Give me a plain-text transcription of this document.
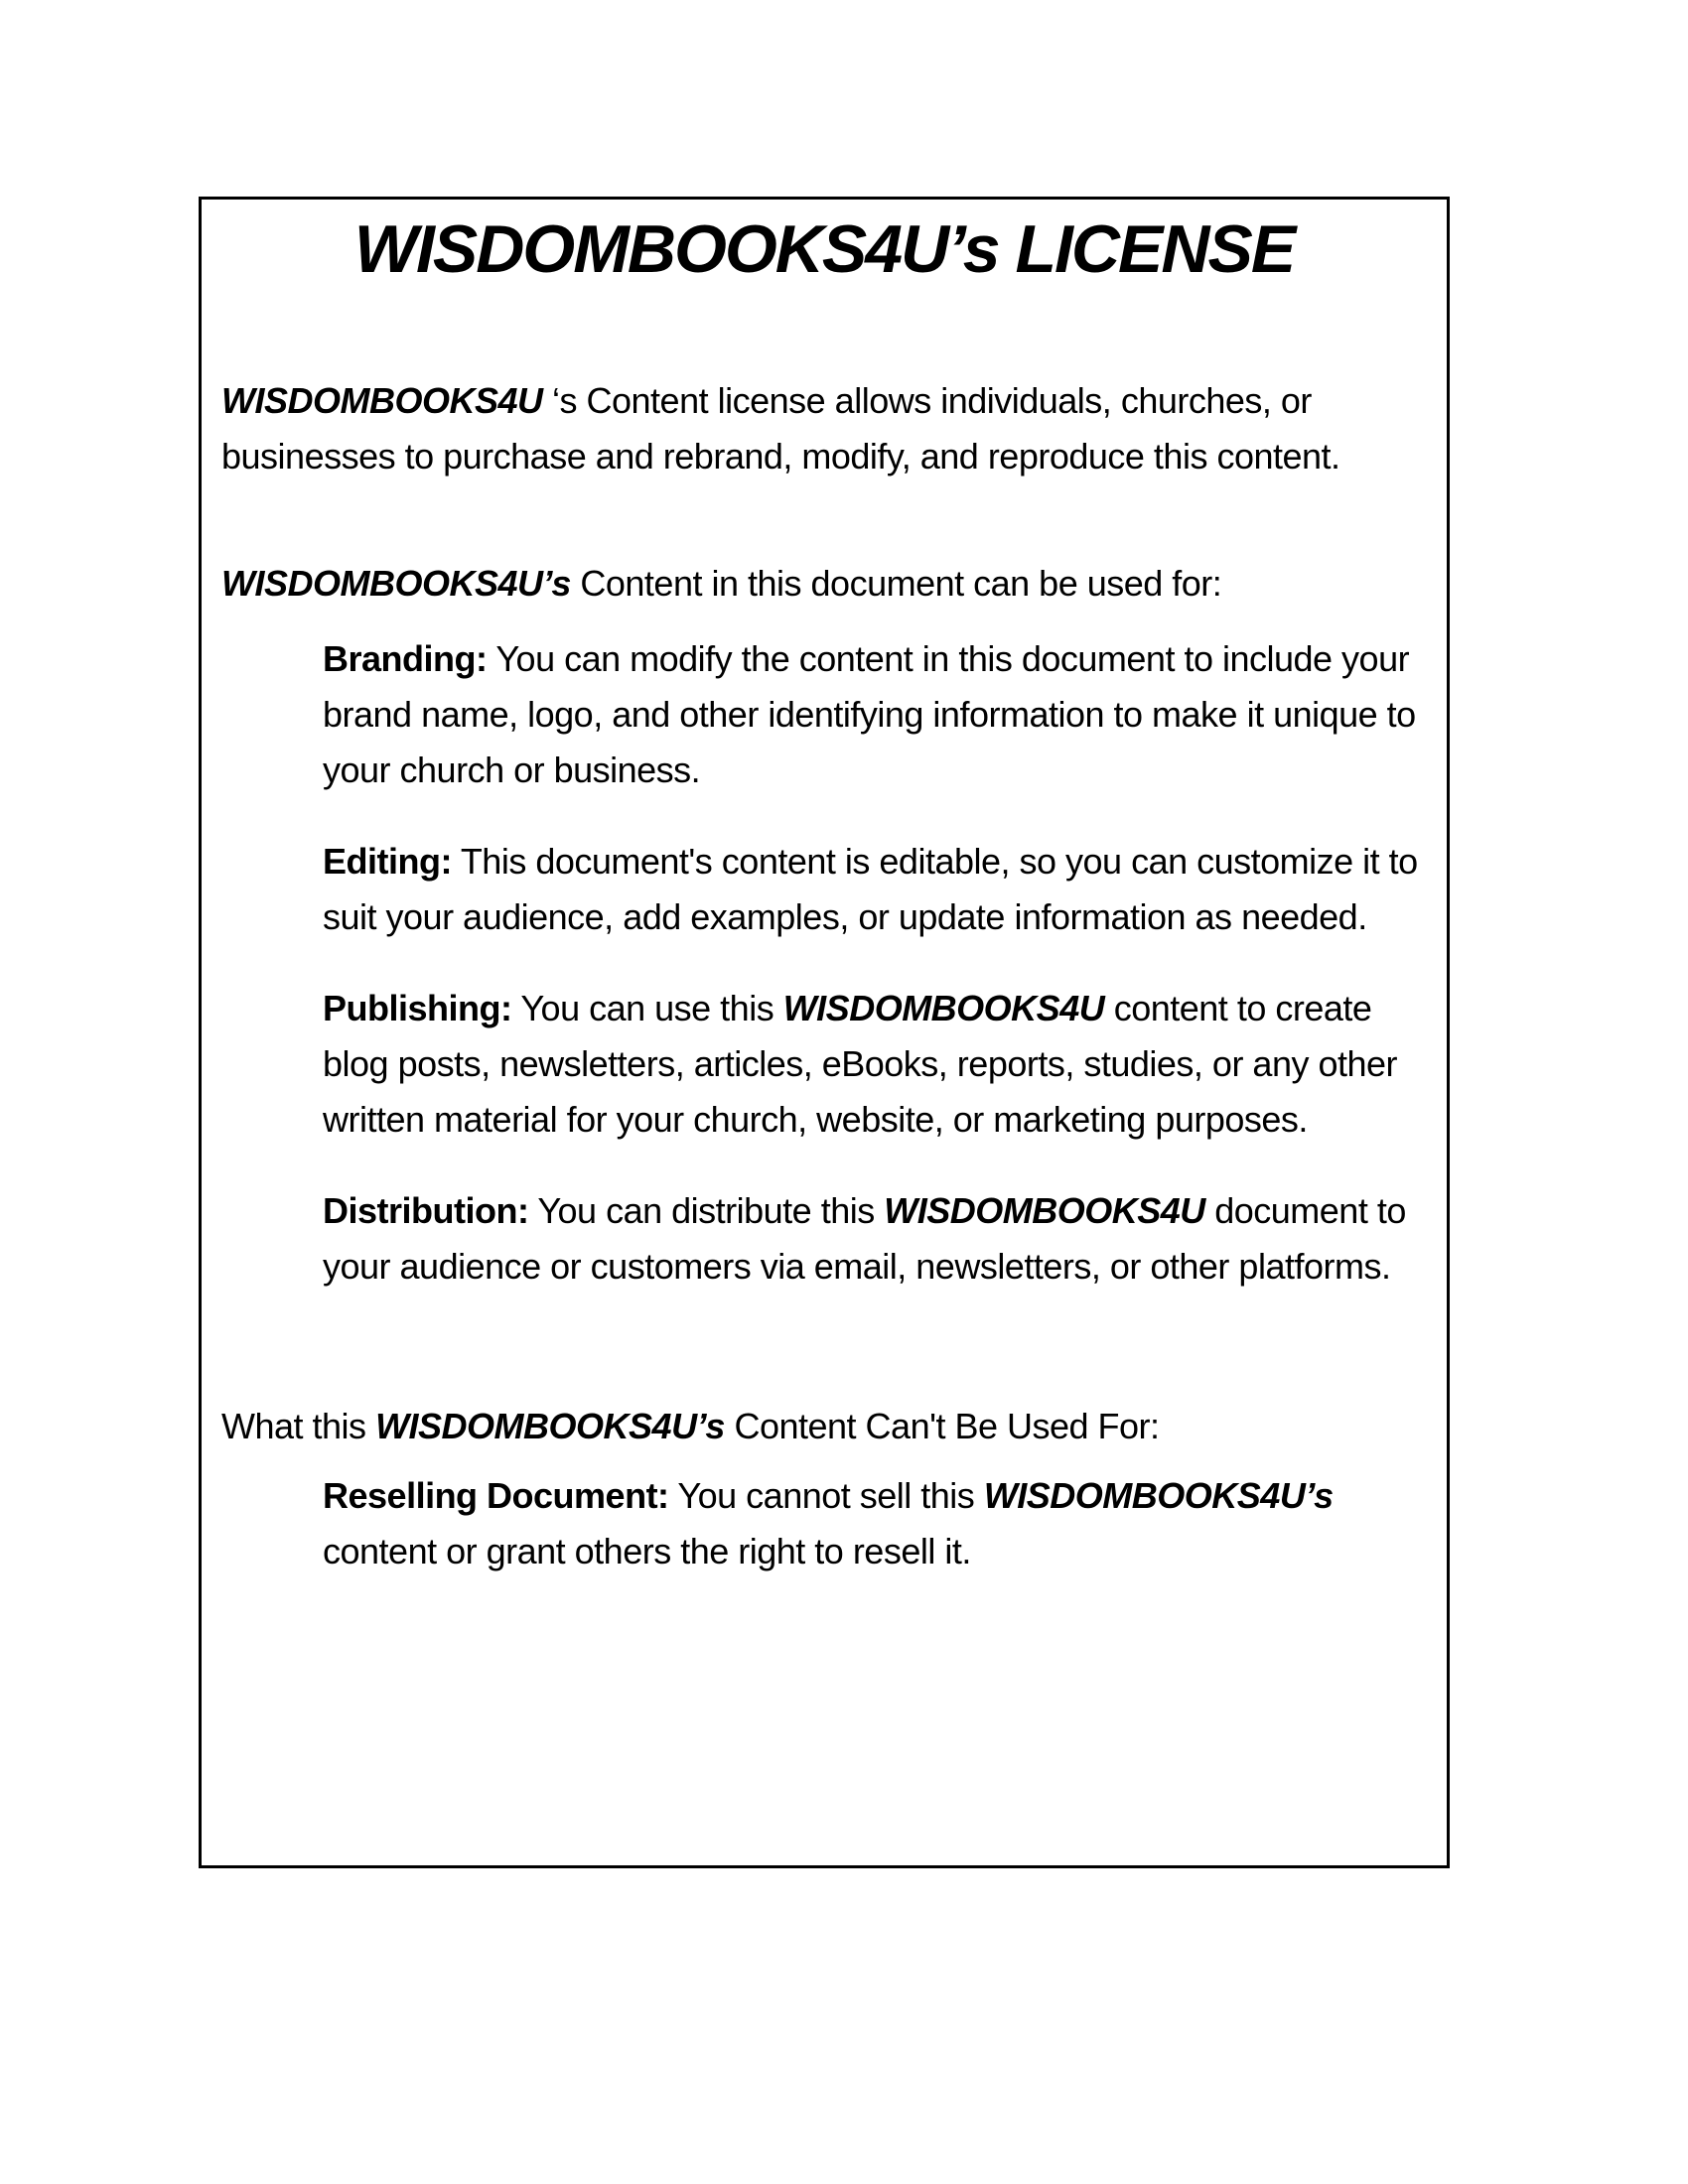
WISDOMBOOKS4U’s LICENSE

WISDOMBOOKS4U ‘s Content license allows individuals, churches, or businesses to purchase and rebrand, modify, and reproduce this content.

WISDOMBOOKS4U’s Content in this document can be used for:

Branding: You can modify the content in this document to include your brand name, logo, and other identifying information to make it unique to your church or business.

Editing: This document's content is editable, so you can customize it to suit your audience, add examples, or update information as needed.

Publishing: You can use this WISDOMBOOKS4U content to create blog posts, newsletters, articles, eBooks, reports, studies, or any other written material for your church, website, or marketing purposes.

Distribution: You can distribute this WISDOMBOOKS4U document to your audience or customers via email, newsletters, or other platforms.

What this WISDOMBOOKS4U’s Content Can't Be Used For:

Reselling Document: You cannot sell this WISDOMBOOKS4U’s content or grant others the right to resell it.
